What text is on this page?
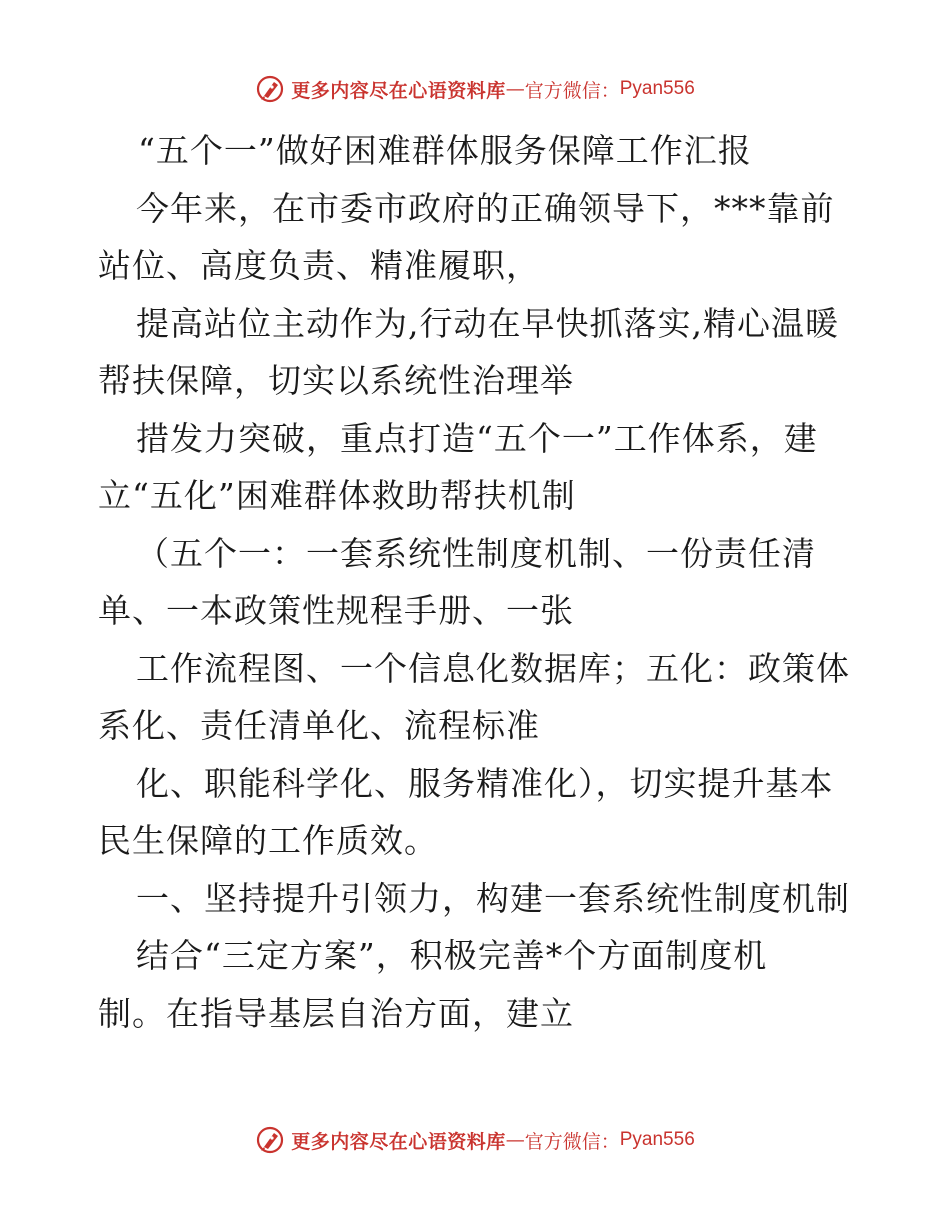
更多内容尽在心语资料库 — 官方微信： Pyan556
“五个一”做好困难群体服务保障工作汇报
今年来，在市委市政府的正确领导下，***靠前
站位、高度负责、精准履职，
提高站位主动作为,行动在早快抓落实,精心温暖
帮扶保障，切实以系统性治理举
措发力突破，重点打造“五个一”工作体系，建
立“五化”困难群体救助帮扶机制
（五个一：一套系统性制度机制、一份责任清
单、一本政策性规程手册、一张
工作流程图、一个信息化数据库；五化：政策体
系化、责任清单化、流程标准
化、职能科学化、服务精准化），切实提升基本
民生保障的工作质效。
一、坚持提升引领力，构建一套系统性制度机制
结合“三定方案”，积极完善*个方面制度机
制。在指导基层自治方面，建立
更多内容尽在心语资料库 — 官方微信： Pyan556
